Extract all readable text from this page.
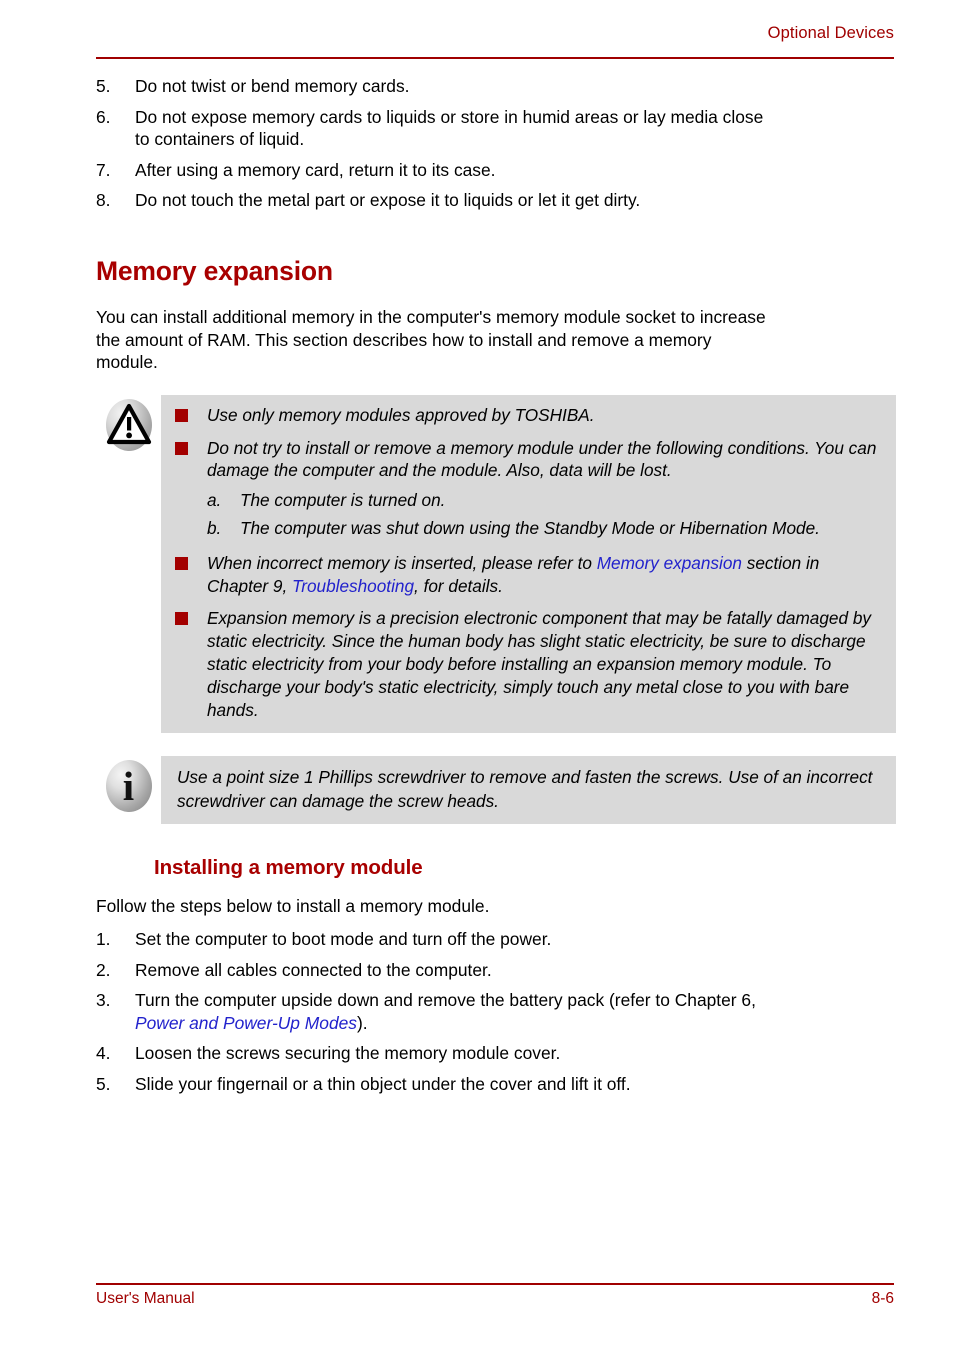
Optional Devices
5.	Do not twist or bend memory cards.
6.	Do not expose memory cards to liquids or store in humid areas or lay media close to containers of liquid.
7.	After using a memory card, return it to its case.
8.	Do not touch the metal part or expose it to liquids or let it get dirty.
Memory expansion

You can install additional memory in the computer's memory module socket to increase the amount of RAM. This section describes how to install and remove a memory module.

Use only memory modules approved by TOSHIBA.
Do not try to install or remove a memory module under the following conditions. You can damage the computer and the module. Also, data will be lost.
a.	The computer is turned on.
b.	The computer was shut down using the Standby Mode or Hibernation Mode.
When incorrect memory is inserted, please refer to Memory expansion section in Chapter 9, Troubleshooting, for details.
Expansion memory is a precision electronic component that may be fatally damaged by static electricity. Since the human body has slight static electricity, be sure to discharge static electricity from your body before installing an expansion memory module. To discharge your body's static electricity, simply touch any metal close to you with bare hands.
i	Use a point size 1 Phillips screwdriver to remove and fasten the screws. Use of an incorrect screwdriver can damage the screw heads.

Installing a memory module

Follow the steps below to install a memory module.

1.	Set the computer to boot mode and turn off the power.
2.	Remove all cables connected to the computer.
3.	Turn the computer upside down and remove the battery pack (refer to Chapter 6, Power and Power-Up Modes).
4.	Loosen the screws securing the memory module cover.
5.	Slide your fingernail or a thin object under the cover and lift it off.
User's Manual	8-6
